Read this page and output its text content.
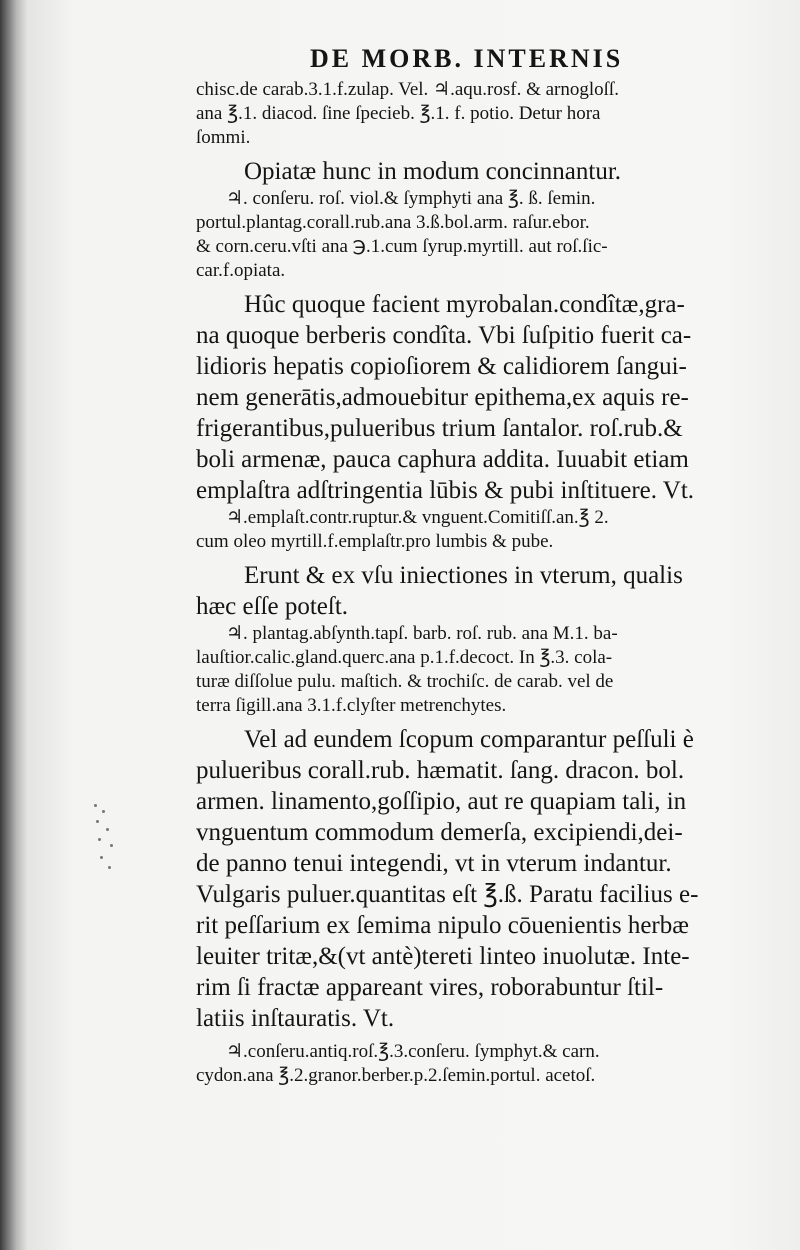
DE MORB. INTERNIS
chisc.de carab.3.1.f.zulap. Vel. ♃.aqu.rosf. & arnogloſſ.
ana ℥.1. diacod. ſine ſpecieb. ℥.1. f. potio. Detur hora
ſommi.
Opiatæ hunc in modum concinnantur.
♃. conſeru. roſ. viol.& ſymphyti ana ℥. ß. ſemin.
portul.plantag.corall.rub.ana 3.ß.bol.arm. raſur.ebor.
& corn.ceru.vſti ana ℈.1.cum ſyrup.myrtill. aut roſ.ſic-
car.f.opiata.
Hûc quoque facient myrobalan.condîtæ,gra-
na quoque berberis condîta. Vbi ſuſpitio fuerit ca-
lidioris hepatis copioſiorem & calidiorem ſangui-
nem generātis,admouebitur epithema,ex aquis re-
frigerantibus,pulueribus trium ſantalor. roſ.rub.&
boli armenæ, pauca caphura addita. Iuuabit etiam
emplaſtra adſtringentia lūbis & pubi inſtituere. Vt.
♃.emplaſt.contr.ruptur.& vnguent.Comitiſſ.an.℥ 2.
cum oleo myrtill.f.emplaſtr.pro lumbis & pube.
Erunt & ex vſu iniectiones in vterum, qualis
hæc eſſe poteſt.
♃. plantag.abſynth.tapſ. barb. roſ. rub. ana M.1. ba-
lauſtior.calic.gland.querc.ana p.1.f.decoct. In ℥.3. cola-
turæ diſſolue pulu. maſtich. & trochiſc. de carab. vel de
terra ſigill.ana 3.1.f.clyſter metrenchytes.
Vel ad eundem ſcopum comparantur peſſuli è
pulueribus corall.rub. hæmatit. ſang. dracon. bol.
armen. linamento,goſſipio, aut re quapiam tali, in
vnguentum commodum demerſa, excipiendi,dei-
de panno tenui integendi, vt in vterum indantur.
Vulgaris puluer.quantitas eſt ℥.ß. Paratu facilius e-
rit peſſarium ex ſemima nipulo cōuenientis herbæ
leuiter tritæ,&(vt antè)tereti linteo inuolutæ. Inte-
rim ſi fractæ appareant vires, roborabuntur ſtil-
latiis inſtauratis. Vt.
♃.conſeru.antiq.roſ.℥.3.conſeru. ſymphyt.& carn.
cydon.ana ℥.2.granor.berber.p.2.ſemin.portul. acetoſ.
